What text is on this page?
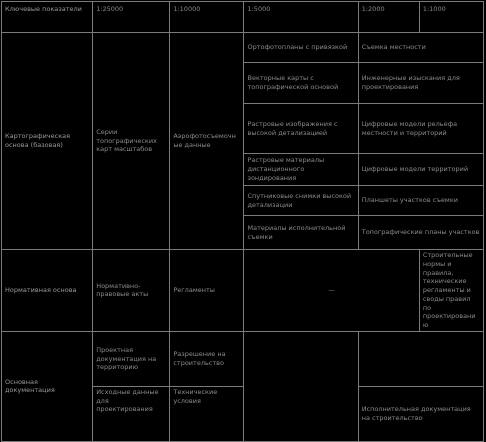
Ключевые показатели	1:25000	1:10000	1:5000	1:2000	1:1000
Картографическая основа (базовая)	Серии топографических карт масштабов	Аэрофотосъемочные данные	Ортофотопланы с привязкой	Съемка местности	
			Векторные карты с топографической основой	Инженерные изыскания для проектирования	
			Растровые изображения с высокой детализацией	Цифровые модели рельефа местности и территорий	
			Растровые материалы дистанционного зондирования	Цифровые модели территорий	
			Спутниковые снимки высокой детализации	Планшеты участков съемки	
			Материалы исполнительной съемки	Топографические планы участков	
Нормативная основа	Нормативно-правовые акты	Регламенты	—		Строительные нормы и правила, технические регламенты и своды правил по проектированию
Основная документация	Проектная документация на территорию	Разрешение на строительство			
	Исходные данные для проектирования	Технические условия		Исполнительная документация на строительство	
